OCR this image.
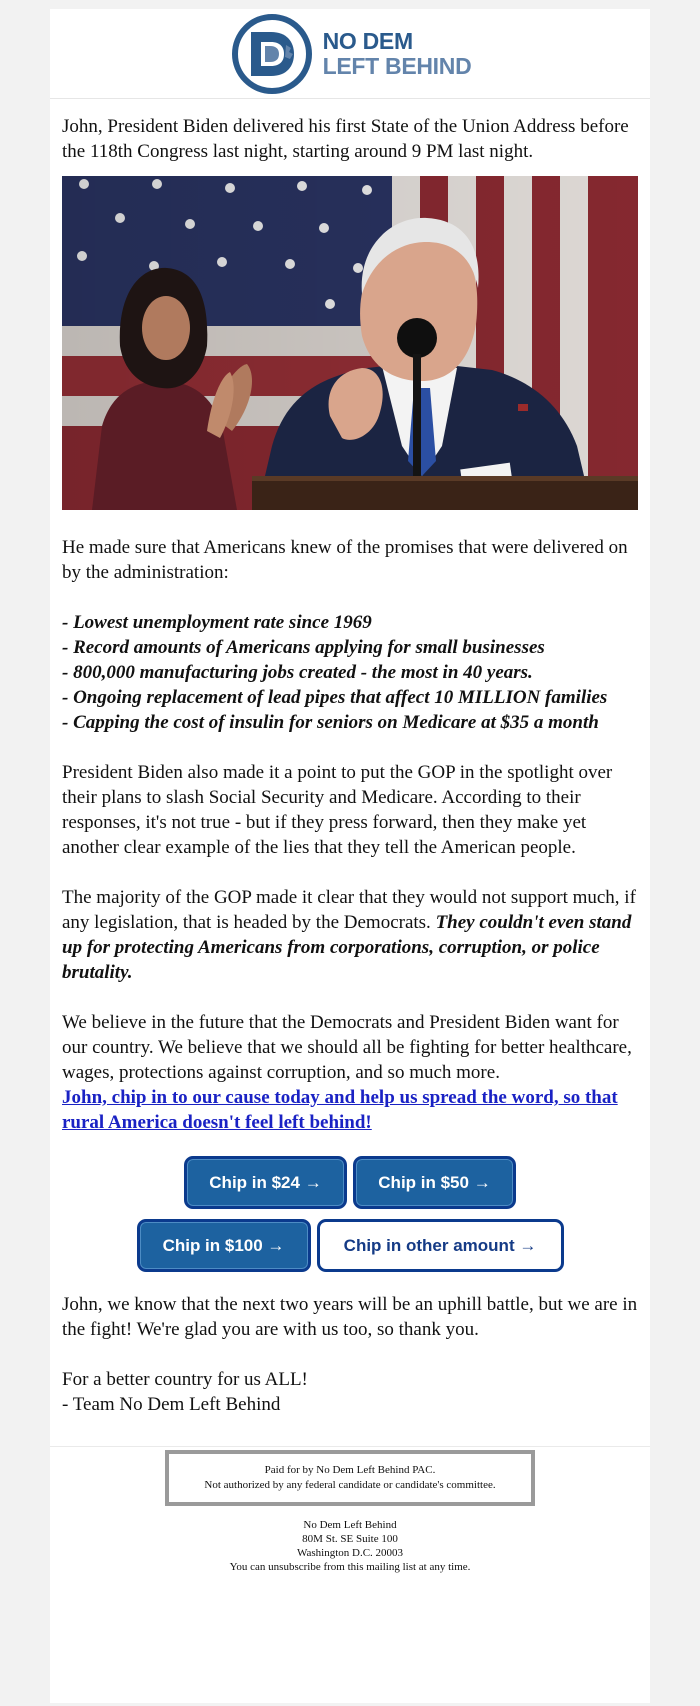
NO DEM
LEFT BEHIND

John, President Biden delivered his first State of the Union Address before the 118th Congress last night, starting around 9 PM last night.

He made sure that Americans knew of the promises that were delivered on by the administration:

- Lowest unemployment rate since 1969
- Record amounts of Americans applying for small businesses
- 800,000 manufacturing jobs created - the most in 40 years.
- Ongoing replacement of lead pipes that affect 10 MILLION families
- Capping the cost of insulin for seniors on Medicare at $35 a month

President Biden also made it a point to put the GOP in the spotlight over their plans to slash Social Security and Medicare. According to their responses, it's not true - but if they press forward, then they make yet another clear example of the lies that they tell the American people.

The majority of the GOP made it clear that they would not support much, if any legislation, that is headed by the Democrats. They couldn't even stand up for protecting Americans from corporations, corruption, or police brutality.

We believe in the future that the Democrats and President Biden want for our country. We believe that we should all be fighting for better healthcare, wages, protections against corruption, and so much more.

John, chip in to our cause today and help us spread the word, so that rural America doesn't feel left behind!

Chip in $24 →	Chip in $50 →
Chip in $100 →	Chip in other amount →

John, we know that the next two years will be an uphill battle, but we are in the fight! We're glad you are with us too, so thank you.

For a better country for us ALL!

- Team No Dem Left Behind

Paid for by No Dem Left Behind PAC.
Not authorized by any federal candidate or candidate's committee.
No Dem Left Behind
80M St. SE Suite 100
Washington D.C. 20003
You can unsubscribe from this mailing list at any time.
